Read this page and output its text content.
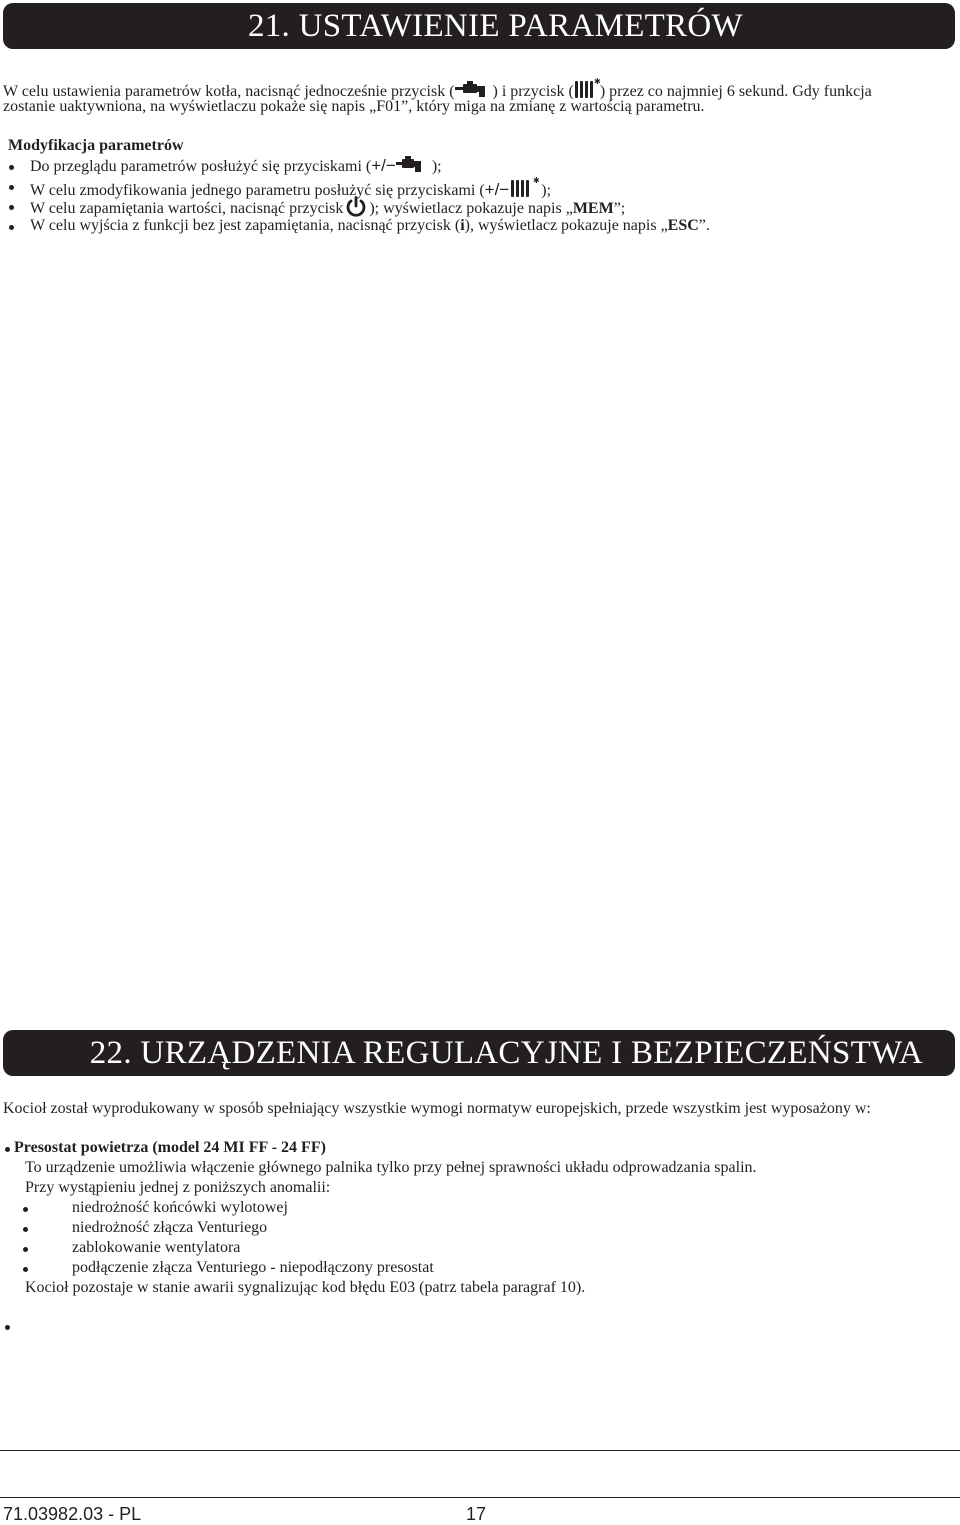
21. USTAWIENIE PARAMETRÓW
W celu ustawienia parametrów kotła, nacisnąć jednocześnie przycisk ( ) i przycisk (
✱
) przez co najmniej 6 sekund. Gdy funkcja
zostanie uaktywniona, na wyświetlaczu pokaże się napis „F01”, który miga na zmianę z wartością parametru.
Modyfikacja parametrów
Do przeglądu parametrów posłużyć się przyciskami (+/− );
W celu zmodyfikowania jednego parametru posłużyć się przyciskami (+/−	✱
);
W celu zapamiętania wartości, nacisnąć przycisk ); wyświetlacz pokazuje napis „MEM”;
W celu wyjścia z funkcji bez jest zapamiętania, nacisnąć przycisk (i), wyświetlacz pokazuje napis „ESC”.
22. URZĄDZENIA REGULACYJNE I BEZPIECZEŃSTWA
Kocioł został wyprodukowany w sposób spełniający wszystkie wymogi normatyw europejskich, przede wszystkim jest wyposażony w:
Presostat powietrza (model 24 MI FF - 24 FF)
To urządzenie umożliwia włączenie głównego palnika tylko przy pełnej sprawności układu odprowadzania spalin.
Przy wystąpieniu jednej z poniższych anomalii:
niedrożność końcówki wylotowej
niedrożność złącza Venturiego
zablokowanie wentylatora
podłączenie złącza Venturiego - niepodłączony presostat
Kocioł pozostaje w stanie awarii sygnalizując kod błędu E03 (patrz tabela paragraf 10).
71.03982.03 - PL	17
